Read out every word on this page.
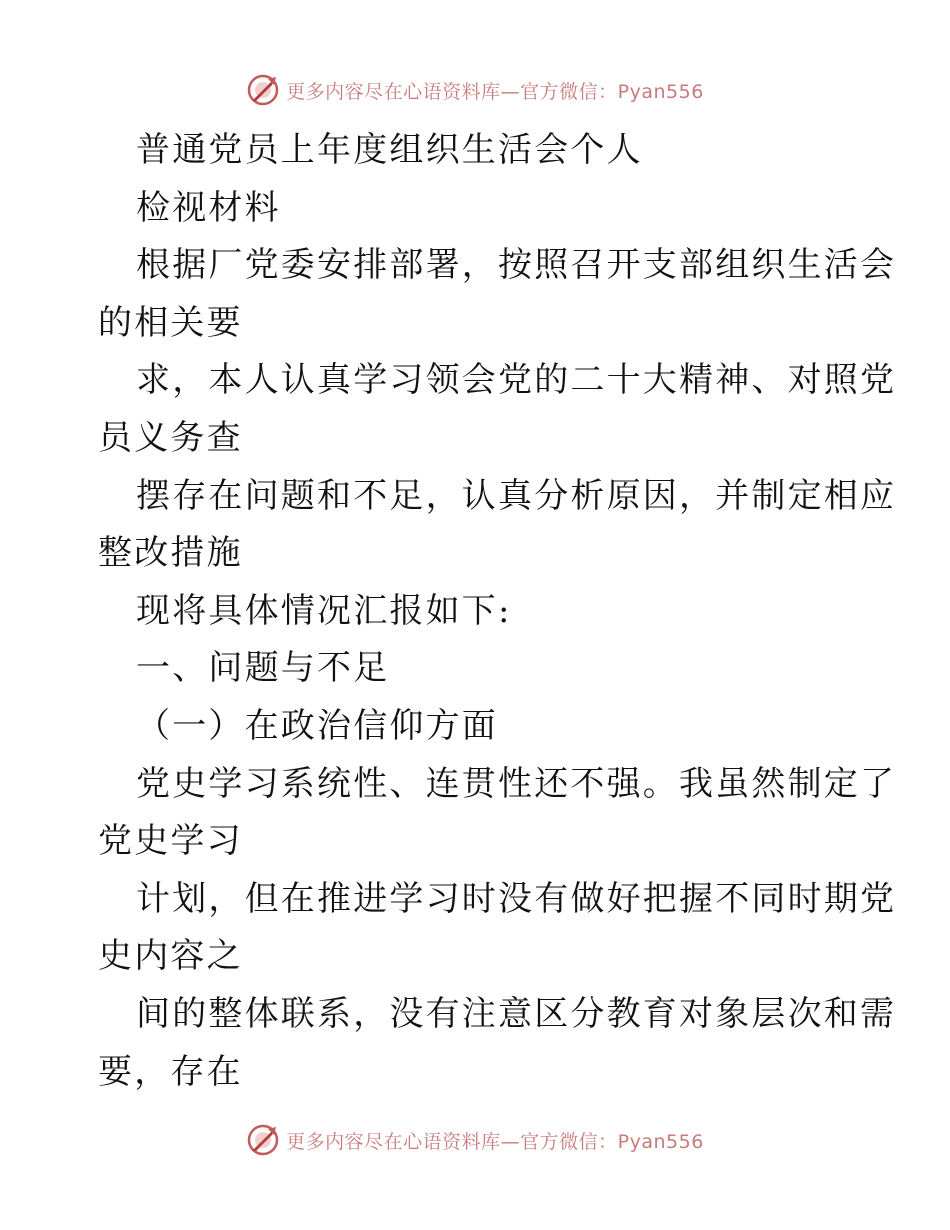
更多内容尽在心语资料库—官方微信：Pyan556
普通党员上年度组织生活会个人
检视材料
根据厂党委安排部署，按照召开支部组织生活会
的相关要
求，本人认真学习领会党的二十大精神、对照党
员义务查
摆存在问题和不足，认真分析原因，并制定相应
整改措施
现将具体情况汇报如下:
一、问题与不足
（一）在政治信仰方面
党史学习系统性、连贯性还不强。我虽然制定了
党史学习
计划，但在推进学习时没有做好把握不同时期党
史内容之
间的整体联系，没有注意区分教育对象层次和需
要，存在
更多内容尽在心语资料库—官方微信：Pyan556
